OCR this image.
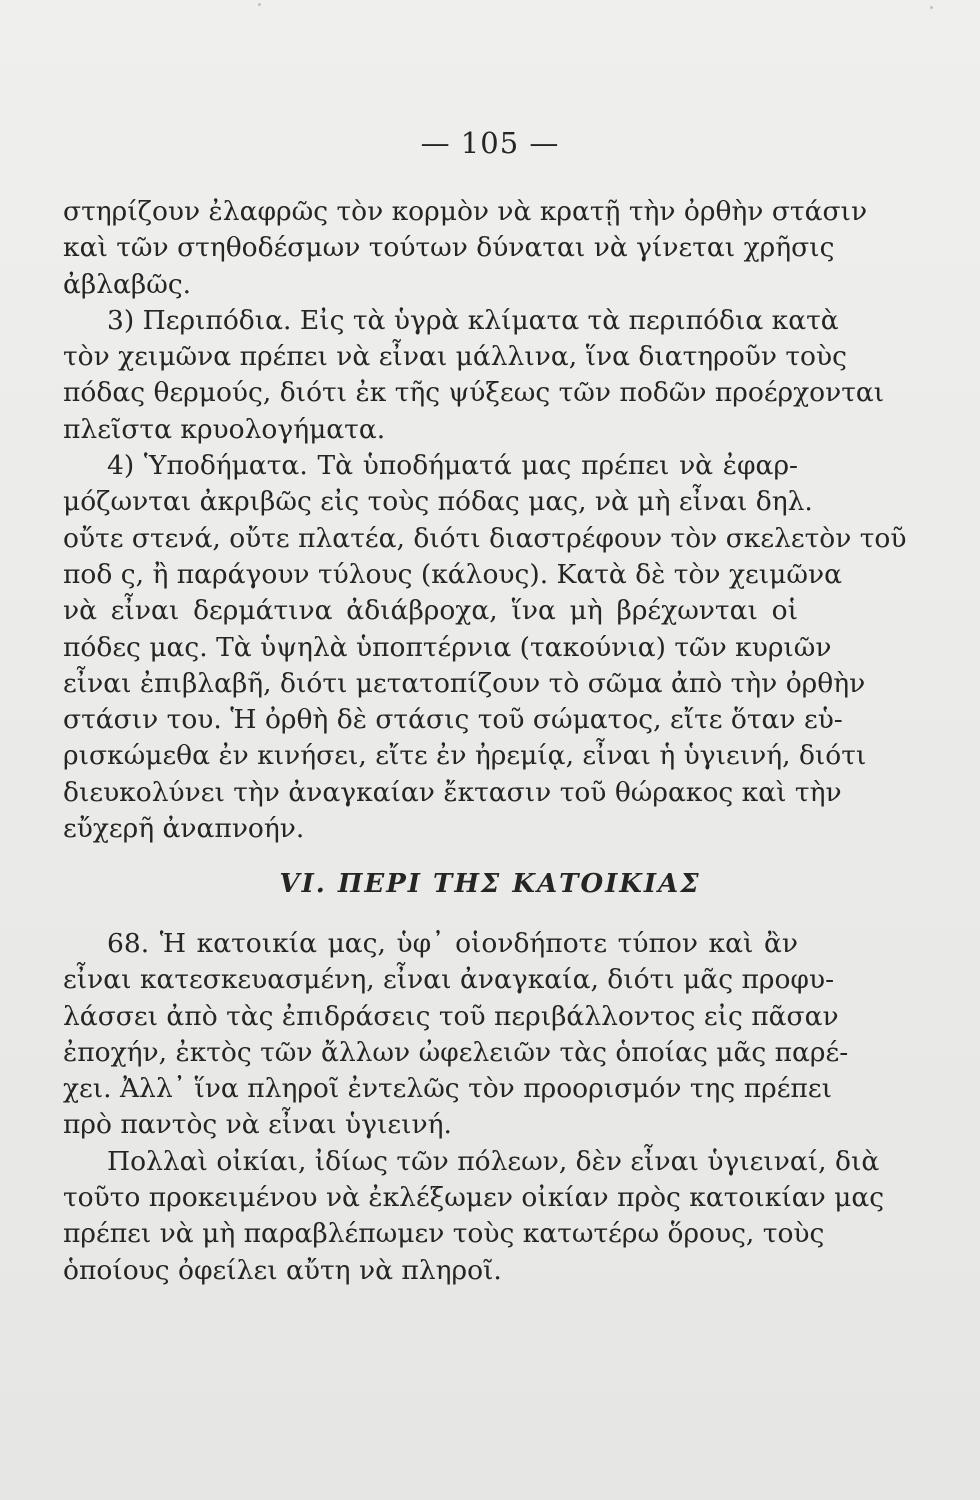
— 105 —
στηρίζουν ἐλαφρῶς τὸν κορμὸν νὰ κρατῇ τὴν ὀρθὴν στάσιν
καὶ τῶν στηθοδέσμων τούτων δύναται νὰ γίνεται χρῆσις
ἀβλαβῶς.
3) Περιπόδια. Εἰς τὰ ὑγρὰ κλίματα τὰ περιπόδια κατὰ
τὸν χειμῶνα πρέπει νὰ εἶναι μάλλινα, ἵνα διατηροῦν τοὺς
πόδας θερμούς, διότι ἐκ τῆς ψύξεως τῶν ποδῶν προέρχονται
πλεῖστα κρυολογήματα.
4) Ὑποδήματα. Τὰ ὑποδήματά μας πρέπει νὰ ἐφαρ-
μόζωνται ἀκριβῶς εἰς τοὺς πόδας μας, νὰ μὴ εἶναι δηλ.
οὔτε στενά, οὔτε πλατέα, διότι διαστρέφουν τὸν σκελετὸν τοῦ
ποδ ς, ἢ παράγουν τύλους (κάλους). Κατὰ δὲ τὸν χειμῶνα
νὰ εἶναι δερμάτινα ἀδιάβροχα, ἵνα μὴ βρέχωνται οἱ
πόδες μας. Τὰ ὑψηλὰ ὑποπτέρνια (τακούνια) τῶν κυριῶν
εἶναι ἐπιβλαβῆ, διότι μετατοπίζουν τὸ σῶμα ἀπὸ τὴν ὀρθὴν
στάσιν του. Ἡ ὀρθὴ δὲ στάσις τοῦ σώματος, εἴτε ὅταν εὑ-
ρισκώμεθα ἐν κινήσει, εἴτε ἐν ἠρεμίᾳ, εἶναι ἡ ὑγιεινή, διότι
διευκολύνει τὴν ἀναγκαίαν ἔκτασιν τοῦ θώρακος καὶ τὴν
εὔχερῆ ἀναπνοήν.
VI. ΠΕΡΙ ΤΗΣ ΚΑΤΟΙΚΙΑΣ
68. Ἡ κατοικία μας, ὑφ᾽ οἱονδήποτε τύπον καὶ ἂν
εἶναι κατεσκευασμένη, εἶναι ἀναγκαία, διότι μᾶς προφυ-
λάσσει ἀπὸ τὰς ἐπιδράσεις τοῦ περιβάλλοντος εἰς πᾶσαν
ἐποχήν, ἐκτὸς τῶν ἄλλων ὠφελειῶν τὰς ὁποίας μᾶς παρέ-
χει. Ἀλλ᾽ ἵνα πληροῖ ἐντελῶς τὸν προορισμόν της πρέπει
πρὸ παντὸς νὰ εἶναι ὑγιεινή.
Πολλαὶ οἰκίαι, ἰδίως τῶν πόλεων, δὲν εἶναι ὑγιειναί, διὰ
τοῦτο προκειμένου νὰ ἐκλέξωμεν οἰκίαν πρὸς κατοικίαν μας
πρέπει νὰ μὴ παραβλέπωμεν τοὺς κατωτέρω ὅρους, τοὺς
ὁποίους ὀφείλει αὔτη νὰ πληροῖ.
